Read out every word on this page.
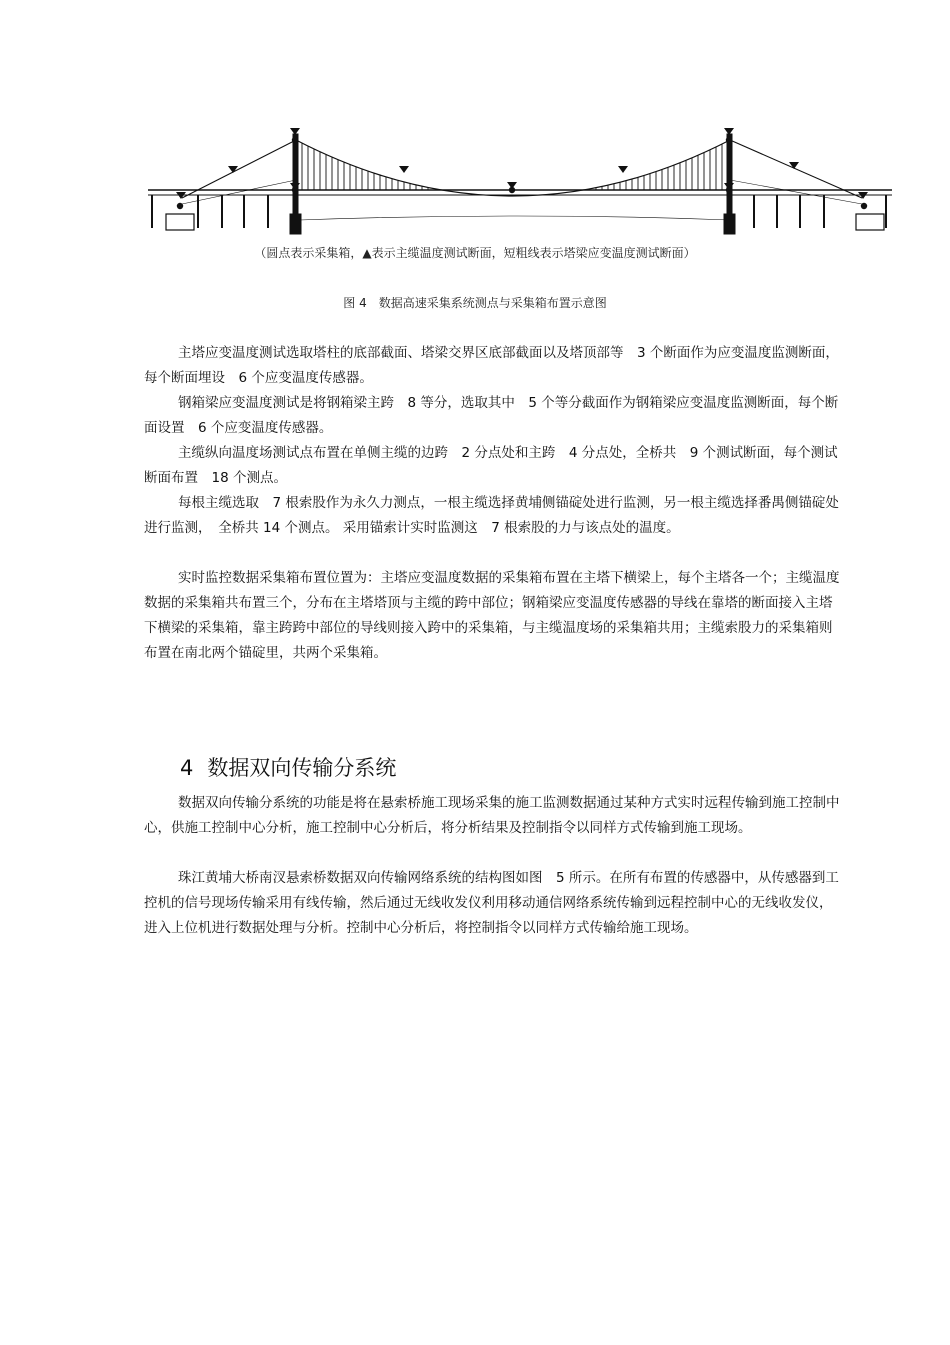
（圆点表示采集箱，▲表示主缆温度测试断面，短粗线表示塔梁应变温度测试断面）
图 4　数据高速采集系统测点与采集箱布置示意图

主塔应变温度测试选取塔柱的底部截面、塔梁交界区底部截面以及塔顶部等　3 个断面作为应变温度监测断面，每个断面埋设　6 个应变温度传感器。

钢箱梁应变温度测试是将钢箱梁主跨　8 等分，选取其中　5 个等分截面作为钢箱梁应变温度监测断面，每个断面设置　6 个应变温度传感器。

主缆纵向温度场测试点布置在单侧主缆的边跨　2 分点处和主跨　4 分点处，全桥共　9 个测试断面，每个测试断面布置　18 个测点。

每根主缆选取　7 根索股作为永久力测点，一根主缆选择黄埔侧锚碇处进行监测，另一根主缆选择番禺侧锚碇处进行监测，　全桥共 14 个测点。 采用锚索计实时监测这　7 根索股的力与该点处的温度。

实时监控数据采集箱布置位置为：主塔应变温度数据的采集箱布置在主塔下横梁上，每个主塔各一个；主缆温度数据的采集箱共布置三个，分布在主塔塔顶与主缆的跨中部位；钢箱梁应变温度传感器的导线在靠塔的断面接入主塔下横梁的采集箱，靠主跨跨中部位的导线则接入跨中的采集箱，与主缆温度场的采集箱共用；主缆索股力的采集箱则布置在南北两个锚碇里，共两个采集箱。

4 数据双向传输分系统

数据双向传输分系统的功能是将在悬索桥施工现场采集的施工监测数据通过某种方式实时远程传输到施工控制中心，供施工控制中心分析，施工控制中心分析后，将分析结果及控制指令以同样方式传输到施工现场。

珠江黄埔大桥南汊悬索桥数据双向传输网络系统的结构图如图　5 所示。在所有布置的传感器中，从传感器到工控机的信号现场传输采用有线传输，然后通过无线收发仪利用移动通信网络系统传输到远程控制中心的无线收发仪，进入上位机进行数据处理与分析。控制中心分析后，将控制指令以同样方式传输给施工现场。
